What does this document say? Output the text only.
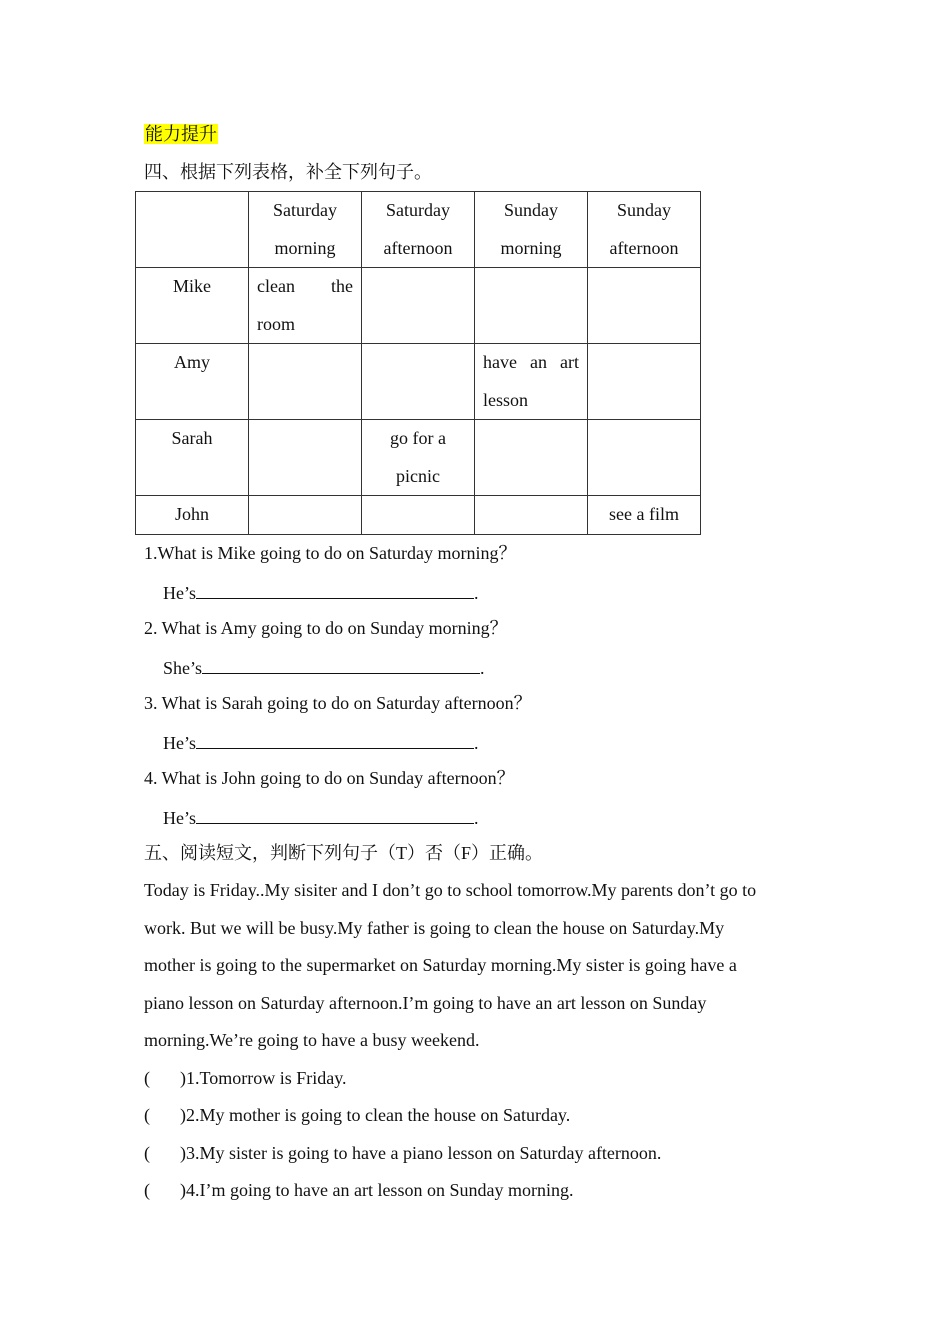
能力提升
四、根据下列表格，补全下列句子。
	Saturday morning	Saturday afternoon	Sunday morning	Sunday afternoon
Mike	clean the room			
Amy			have an art lesson	
Sarah		go for a picnic		
John				see a film
1.What is Mike going to do on Saturday morning？
He’s	.
2. What is Amy going to do on Sunday morning？
She’s	.
3. What is Sarah going to do on Saturday afternoon？
He’s	.
4. What is John going to do on Sunday afternoon？
He’s	.
五、阅读短文，判断下列句子（T）否（F）正确。
Today is Friday..My sisiter and I don’t go to school tomorrow.My parents don’t go to
work. But we will be busy.My father is going to clean the house on Saturday.My
mother is going to the supermarket on Saturday morning.My sister is going have a
piano lesson on Saturday afternoon.I’m going to have an art lesson on Sunday
morning.We’re going to have a busy weekend.
( )1.Tomorrow is Friday.
( )2.My mother is going to clean the house on Saturday.
( )3.My sister is going to have a piano lesson on Saturday afternoon.
( )4.I’m going to have an art lesson on Sunday morning.
